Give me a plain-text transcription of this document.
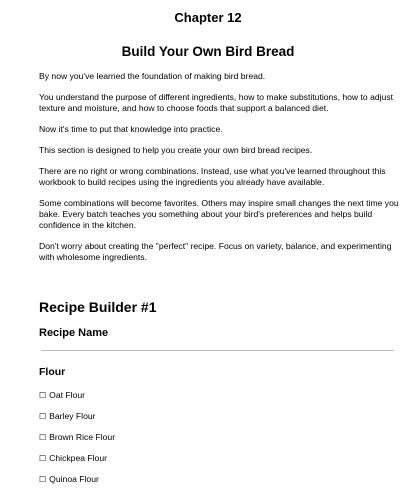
Chapter 12
Build Your Own Bird Bread

By now you've learned the foundation of making bird bread.

You understand the purpose of different ingredients, how to make substitutions, how to adjust texture and moisture, and how to choose foods that support a balanced diet.

Now it's time to put that knowledge into practice.

This section is designed to help you create your own bird bread recipes.

There are no right or wrong combinations. Instead, use what you've learned throughout this workbook to build recipes using the ingredients you already have available.

Some combinations will become favorites. Others may inspire small changes the next time you bake. Every batch teaches you something about your bird's preferences and helps build confidence in the kitchen.

Don't worry about creating the "perfect" recipe. Focus on variety, balance, and experimenting with wholesome ingredients.

Recipe Builder #1
Recipe Name
Flour
☐ Oat Flour
☐ Barley Flour
☐ Brown Rice Flour
☐ Chickpea Flour
☐ Quinoa Flour
